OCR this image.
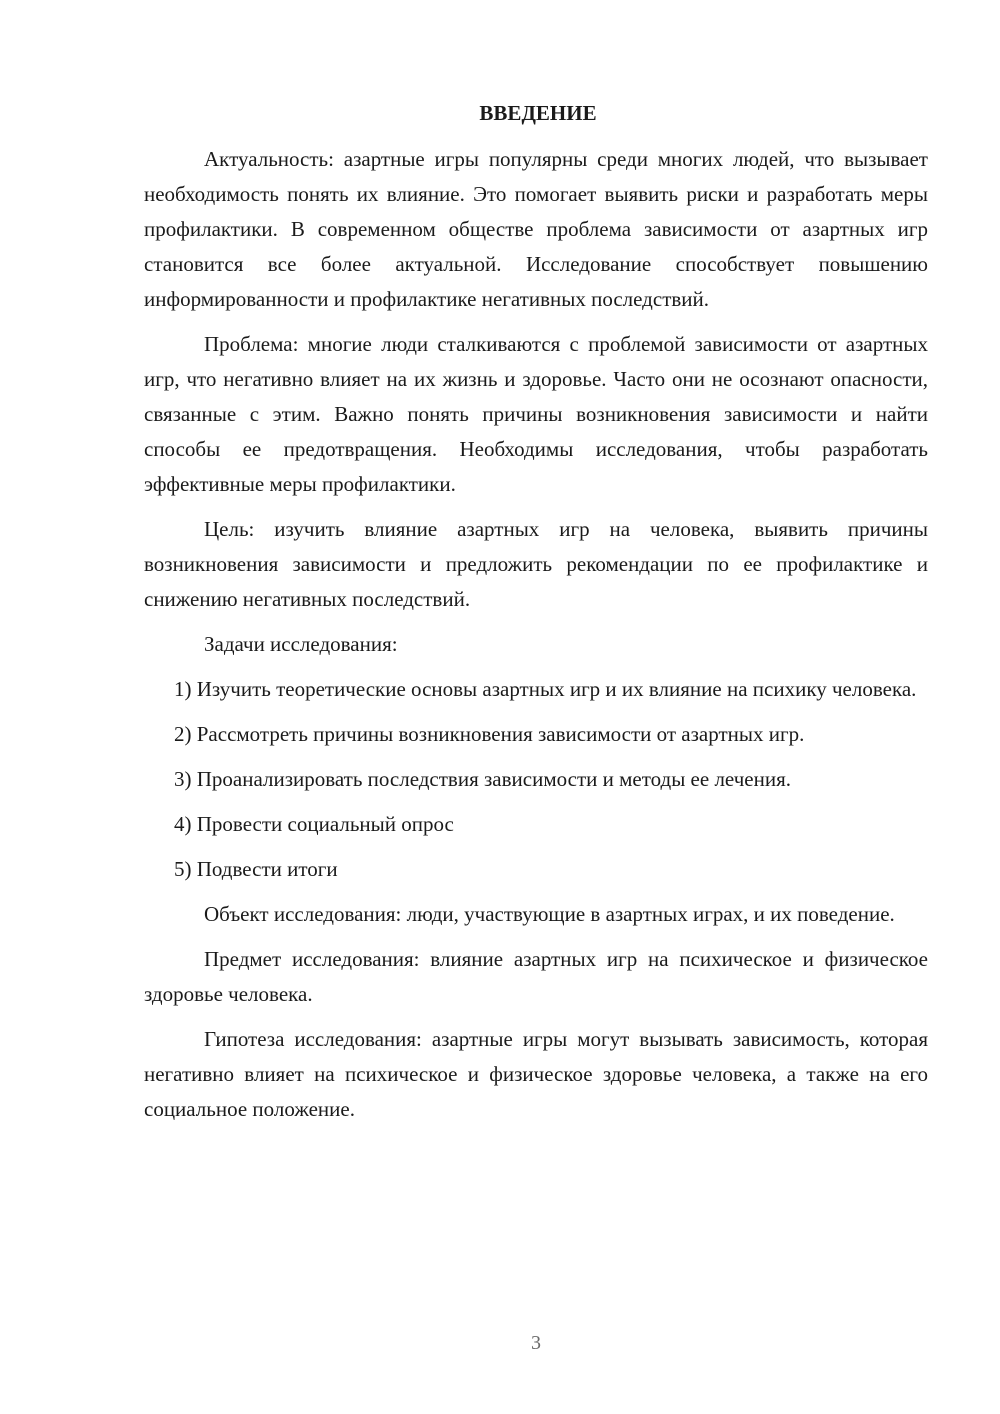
ВВЕДЕНИЕ

Актуальность: азартные игры популярны среди многих людей, что вызывает необходимость понять их влияние. Это помогает выявить риски и разработать меры профилактики. В современном обществе проблема зависимости от азартных игр становится все более актуальной. Исследование способствует повышению информированности и профилактике негативных последствий.

Проблема: многие люди сталкиваются с проблемой зависимости от азартных игр, что негативно влияет на их жизнь и здоровье. Часто они не осознают опасности, связанные с этим. Важно понять причины возникновения зависимости и найти способы ее предотвращения. Необходимы исследования, чтобы разработать эффективные меры профилактики.

Цель: изучить влияние азартных игр на человека, выявить причины возникновения зависимости и предложить рекомендации по ее профилактике и снижению негативных последствий.

Задачи исследования:

1) Изучить теоретические основы азартных игр и их влияние на психику человека.

2) Рассмотреть причины возникновения зависимости от азартных игр.

3) Проанализировать последствия зависимости и методы ее лечения.

4) Провести социальный опрос

5) Подвести итоги

Объект исследования: люди, участвующие в азартных играх, и их поведение.

Предмет исследования: влияние азартных игр на психическое и физическое здоровье человека.

Гипотеза исследования: азартные игры могут вызывать зависимость, которая негативно влияет на психическое и физическое здоровье человека, а также на его социальное положение.

3
